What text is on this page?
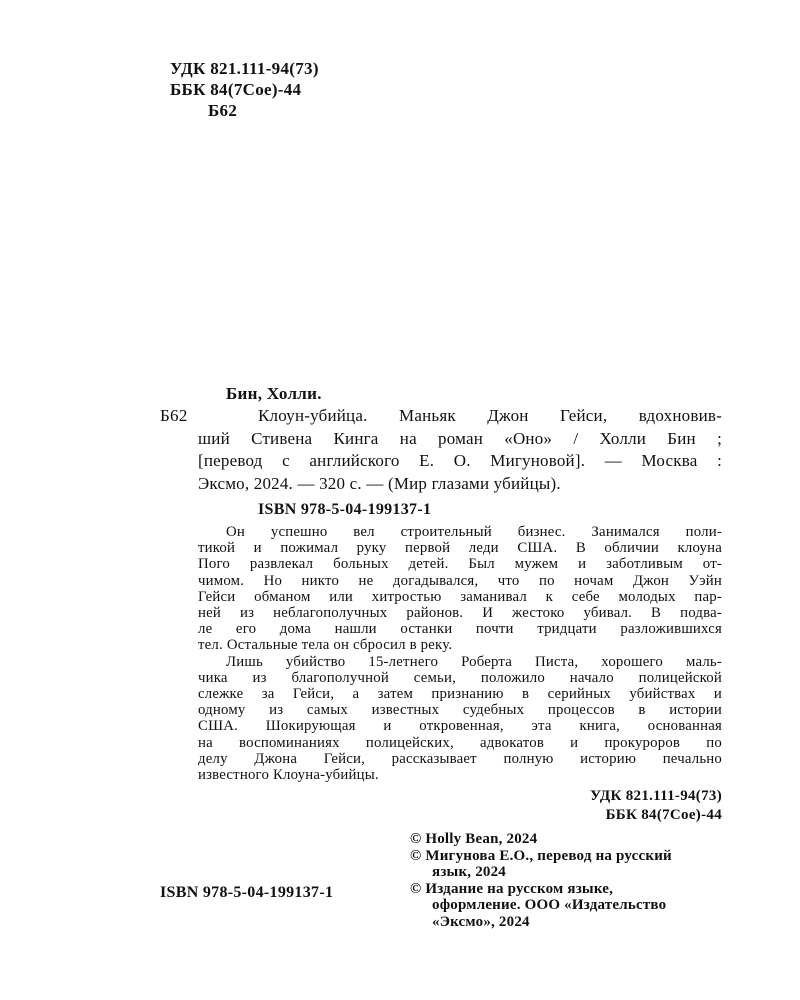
УДК 821.111-94(73)
ББК 84(7Сое)-44
Б62
Б62
Бин, Холли.
Клоун-убийца. Маньяк Джон Гейси, вдохновив-
ший Стивена Кинга на роман «Оно» / Холли Бин ;
[перевод с английского Е. О. Мигуновой]. — Москва :
Эксмо, 2024. — 320 с. — (Мир глазами убийцы).
ISBN 978-5-04-199137-1
Он успешно вел строительный бизнес. Занимался поли-
тикой и пожимал руку первой леди США. В обличии клоуна
Пого развлекал больных детей. Был мужем и заботливым от-
чимом. Но никто не догадывался, что по ночам Джон Уэйн
Гейси обманом или хитростью заманивал к себе молодых пар-
ней из неблагополучных районов. И жестоко убивал. В подва-
ле его дома нашли останки почти тридцати разложившихся
тел. Остальные тела он сбросил в реку.
Лишь убийство 15-летнего Роберта Писта, хорошего маль-
чика из благополучной семьи, положило начало полицейской
слежке за Гейси, а затем признанию в серийных убийствах и
одному из самых известных судебных процессов в истории
США. Шокирующая и откровенная, эта книга, основанная
на воспоминаниях полицейских, адвокатов и прокуроров по
делу Джона Гейси, рассказывает полную историю печально
известного Клоуна-убийцы.
УДК 821.111-94(73)
ББК 84(7Сое)-44
© Holly Bean, 2024
© Мигунова Е.О., перевод на русский
язык, 2024
© Издание на русском языке,
оформление. ООО «Издательство
«Эксмо», 2024
ISBN 978-5-04-199137-1
